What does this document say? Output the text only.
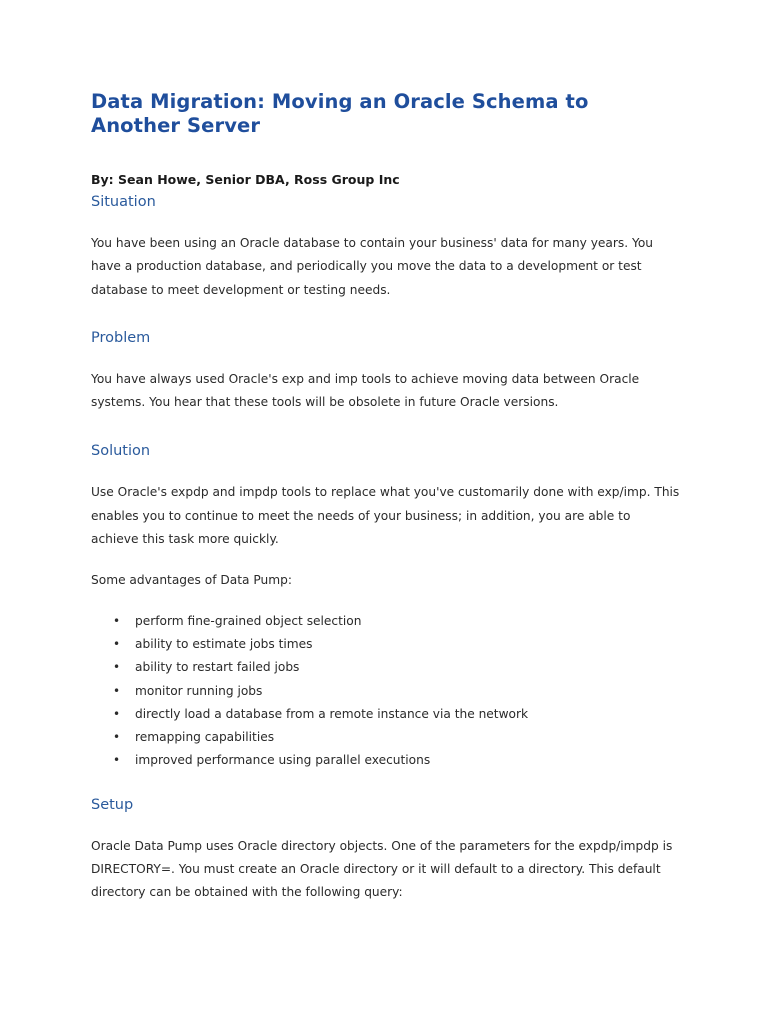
Data Migration: Moving an Oracle Schema to Another Server

By: Sean Howe, Senior DBA, Ross Group Inc

Situation

You have been using an Oracle database to contain your business' data for many years. You have a production database, and periodically you move the data to a development or test database to meet development or testing needs.

Problem

You have always used Oracle's exp and imp tools to achieve moving data between Oracle systems. You hear that these tools will be obsolete in future Oracle versions.

Solution

Use Oracle's expdp and impdp tools to replace what you've customarily done with exp/imp. This enables you to continue to meet the needs of your business; in addition, you are able to achieve this task more quickly.

Some advantages of Data Pump:

• perform fine-grained object selection
• ability to estimate jobs times
• ability to restart failed jobs
• monitor running jobs
• directly load a database from a remote instance via the network
• remapping capabilities
• improved performance using parallel executions
Setup

Oracle Data Pump uses Oracle directory objects. One of the parameters for the expdp/impdp is DIRECTORY=. You must create an Oracle directory or it will default to a directory. This default directory can be obtained with the following query:
